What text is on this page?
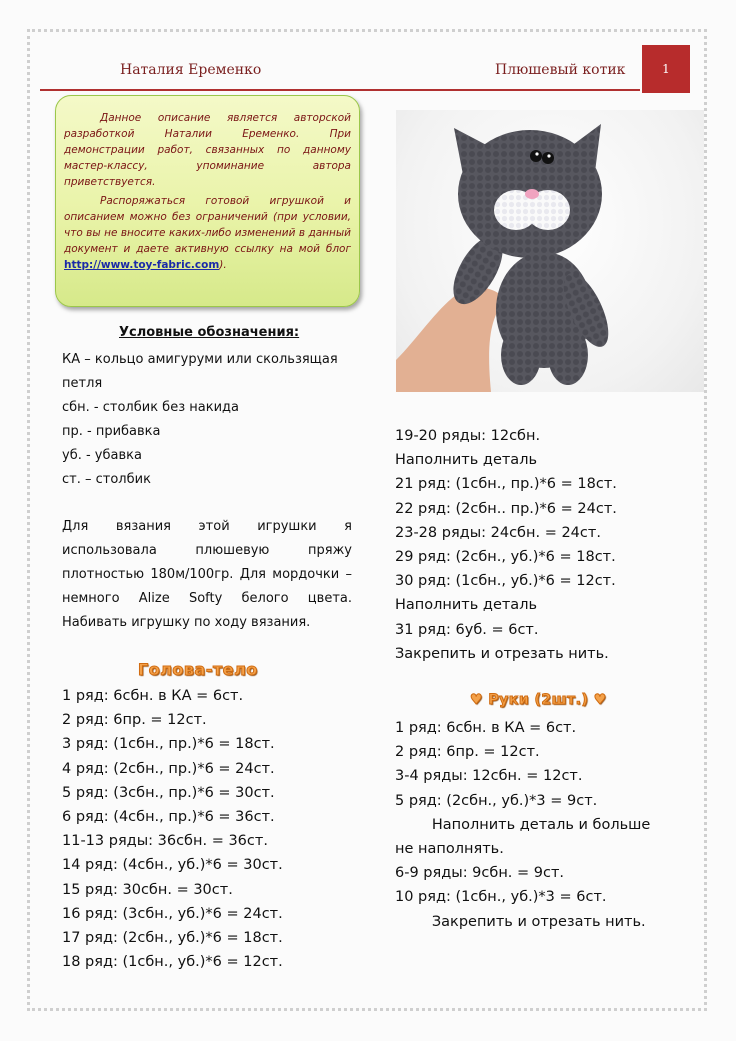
Наталия Еременко	Плюшевый котик	1

Данное описание является авторской разработкой Наталии Еременко. При демонстрации работ, связанных по данному мастер-классу, упоминание автора приветствуется.

Распоряжаться готовой игрушкой и описанием можно без ограничений (при условии, что вы не вносите каких-либо изменений в данный документ и даете активную ссылку на мой блог http://www.toy-fabric.com).

Условные обозначения:
КА – кольцо амигуруми или скользящая
петля
сбн. - столбик без накида
пр. - прибавка
уб. - убавка
ст. – столбик
Для вязания этой игрушки я использовала плюшевую пряжу плотностью 180м/100гр. Для мордочки – немного Alize Softy белого цвета. Набивать игрушку по ходу вязания.
Голова-тело
1 ряд: 6сбн. в КА = 6ст.
2 ряд: 6пр. = 12ст.
3 ряд: (1сбн., пр.)*6 = 18ст.
4 ряд: (2сбн., пр.)*6 = 24ст.
5 ряд: (3сбн., пр.)*6 = 30ст.
6 ряд: (4сбн., пр.)*6 = 36ст.
11-13 ряды: 36сбн. = 36ст.
14 ряд: (4сбн., уб.)*6 = 30ст.
15 ряд: 30сбн. = 30ст.
16 ряд: (3сбн., уб.)*6 = 24ст.
17 ряд: (2сбн., уб.)*6 = 18ст.
18 ряд: (1сбн., уб.)*6 = 12ст.
19-20 ряды: 12сбн.
Наполнить деталь
21 ряд: (1сбн., пр.)*6 = 18ст.
22 ряд: (2сбн.. пр.)*6 = 24ст.
23-28 ряды: 24сбн. = 24ст.
29 ряд: (2сбн., уб.)*6 = 18ст.
30 ряд: (1сбн., уб.)*6 = 12ст.
Наполнить деталь
31 ряд: 6уб. = 6ст.
Закрепить и отрезать нить.
♥ Руки (2шт.) ♥
1 ряд: 6сбн. в КА = 6ст.
2 ряд: 6пр. = 12ст.
3-4 ряды: 12сбн. = 12ст.
5 ряд: (2сбн., уб.)*3 = 9ст.
Наполнить деталь и больше
не наполнять.
6-9 ряды: 9сбн. = 9ст.
10 ряд: (1сбн., уб.)*3 = 6ст.
Закрепить и отрезать нить.
